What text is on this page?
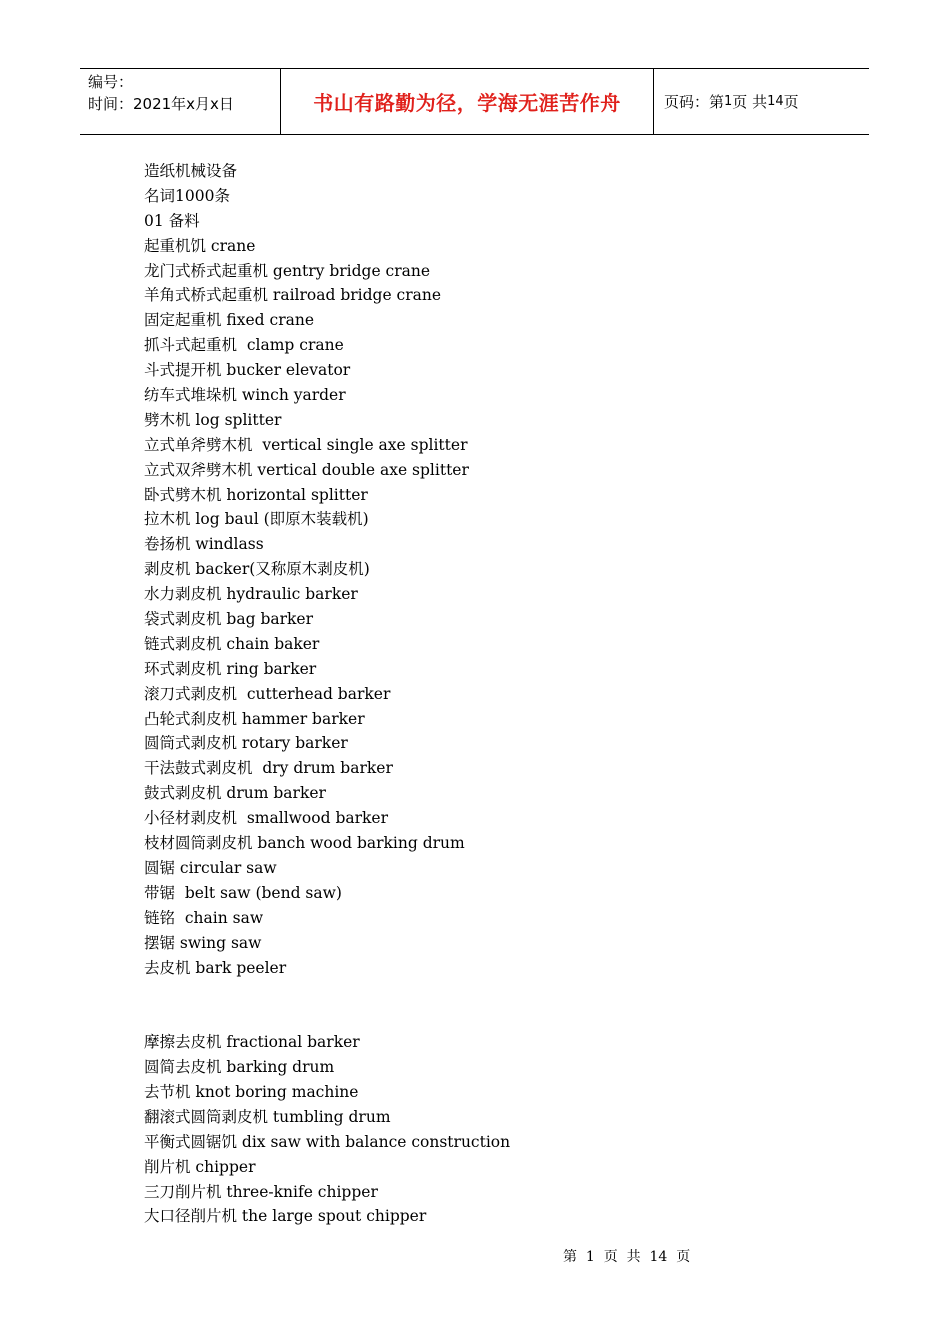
编号：
时间：2021年x月x日	书山有路勤为径，学海无涯苦作舟	页码：第 1 页 共 14 页
造纸机械设备
名词1000条
01 备料
起重机饥 crane
龙门式桥式起重机 gentry bridge crane
羊角式桥式起重机 railroad bridge crane
固定起重机 fixed crane
抓斗式起重机  clamp crane
斗式提开机 bucker elevator
纺车式堆垛机 winch yarder
劈木机 log splitter
立式单斧劈木机  vertical single axe splitter
立式双斧劈木机 vertical double axe splitter
卧式劈木机 horizontal splitter
拉木机 log baul (即原木装载机)
卷扬机 windlass
剥皮机 backer(又称原木剥皮机)
水力剥皮机 hydraulic barker
袋式剥皮机 bag barker
链式剥皮机 chain baker
环式剥皮机 ring barker
滚刀式剥皮机  cutterhead barker
凸轮式刹皮机 hammer barker
圆筒式剥皮机 rotary barker
干法鼓式剥皮机  dry drum barker
鼓式剥皮机 drum barker
小径材剥皮机  smallwood barker
枝材圆筒剥皮机 banch wood barking drum
圆锯 circular saw
带锯  belt saw (bend saw)
链铭  chain saw
摆锯 swing saw
去皮机 bark peeler
摩擦去皮机 fractional barker
圆简去皮机 barking drum
去节机 knot boring machine
翻滚式圆筒剥皮机 tumbling drum
平衡式圆锯饥 dix saw with balance construction
削片机 chipper
三刀削片机 three-knife chipper
大口径削片机 the large spout chipper
第  1  页  共  14  页
